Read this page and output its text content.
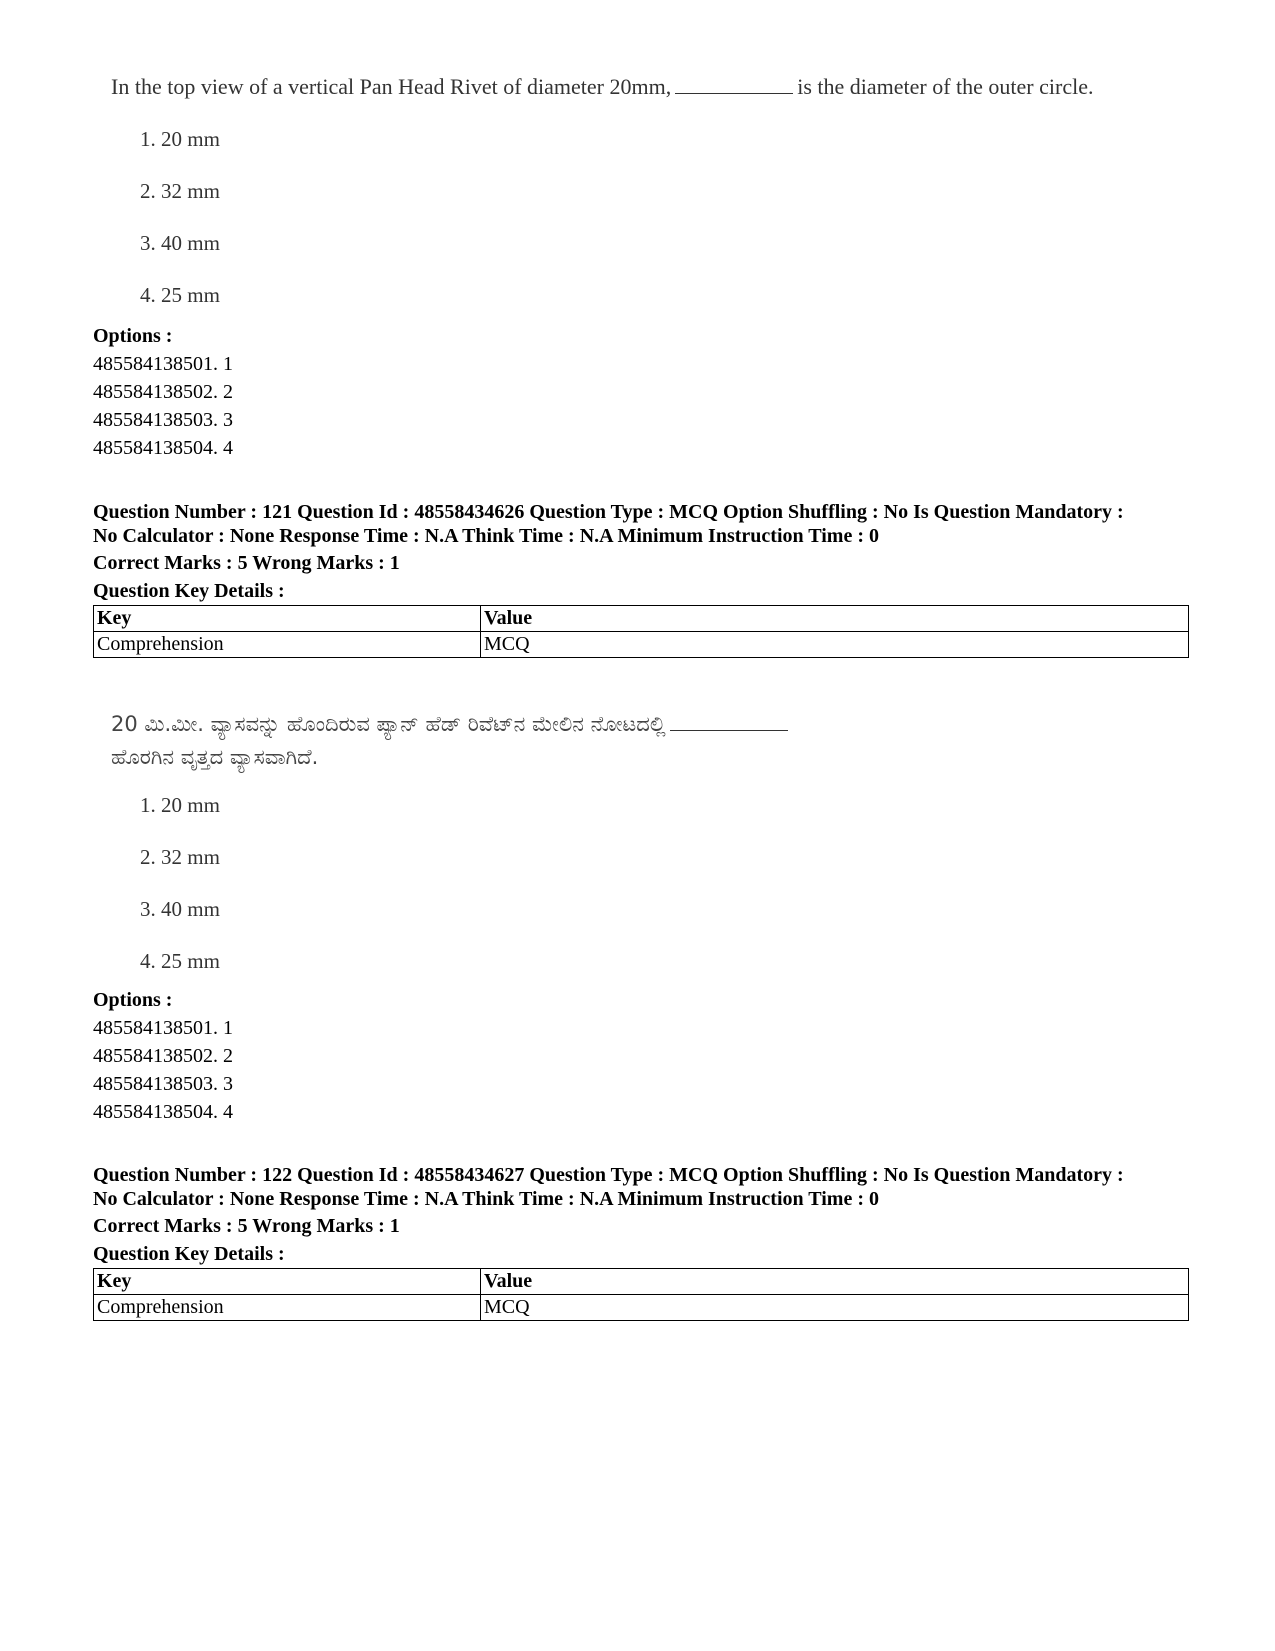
In the top view of a vertical Pan Head Rivet of diameter 20mm,	is the diameter of the outer circle.
1. 20 mm
2. 32 mm
3. 40 mm
4. 25 mm
Options :
485584138501. 1
485584138502. 2
485584138503. 3
485584138504. 4
Question Number : 121 Question Id : 48558434626 Question Type : MCQ Option Shuffling : No Is Question Mandatory :
No Calculator : None Response Time : N.A Think Time : N.A Minimum Instruction Time : 0
Correct Marks : 5 Wrong Marks : 1
Question Key Details :
Key	Value
Comprehension	MCQ
20 ಮಿ.ಮೀ. ವ್ಯಾಸವನ್ನು ಹೊಂದಿರುವ ಪ್ಯಾನ್ ಹೆಡ್ ರಿವೆಟ್‌ನ ಮೇಲಿನ ನೋಟದಲ್ಲಿ
ಹೊರಗಿನ ವೃತ್ತದ ವ್ಯಾಸವಾಗಿದೆ.
1. 20 mm
2. 32 mm
3. 40 mm
4. 25 mm
Options :
485584138501. 1
485584138502. 2
485584138503. 3
485584138504. 4
Question Number : 122 Question Id : 48558434627 Question Type : MCQ Option Shuffling : No Is Question Mandatory :
No Calculator : None Response Time : N.A Think Time : N.A Minimum Instruction Time : 0
Correct Marks : 5 Wrong Marks : 1
Question Key Details :
Key	Value
Comprehension	MCQ
